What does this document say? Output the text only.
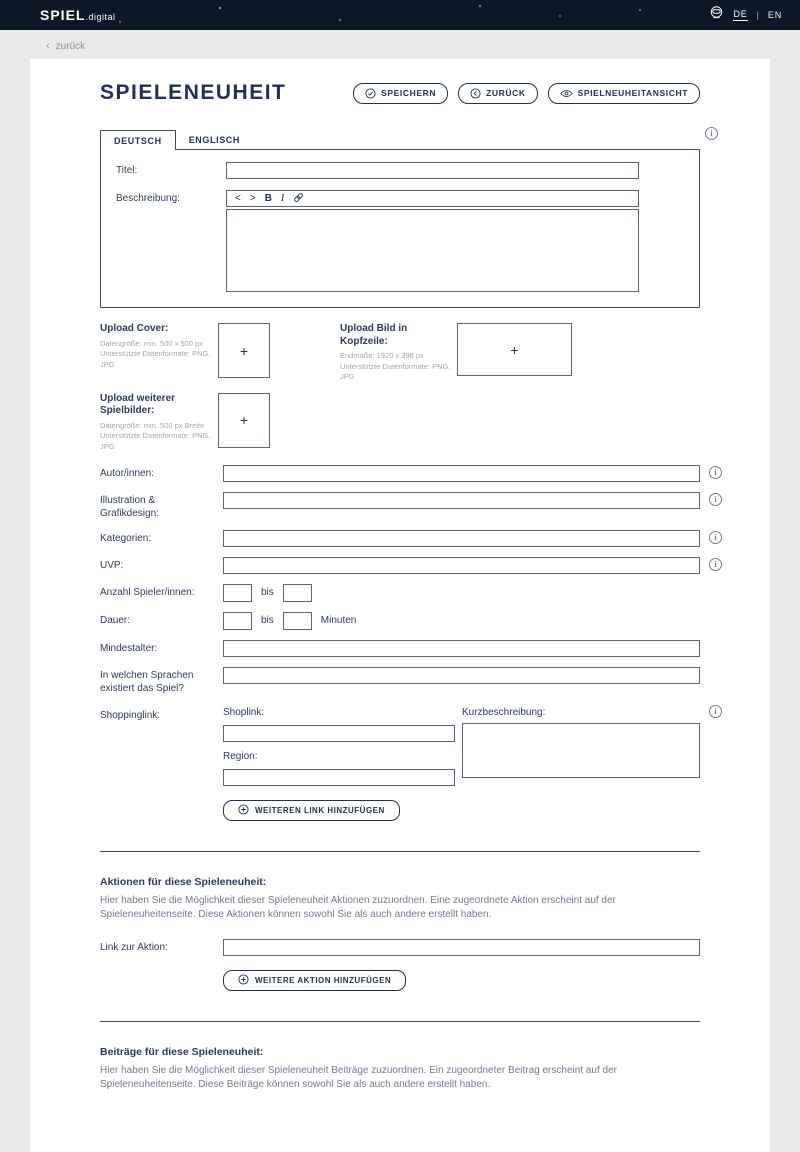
SPIEL .digital	DE | EN
‹ zurück
SPIELENEUHEIT	SPEICHERN	ZURÜCK	SPIELNEUHEITANSICHT
i
DEUTSCH	ENGLISCH
Titel:
Beschreibung:	< > B I
Upload Cover:
Datengröße: min. 500 x 500 px
Unterstützte Datenformate: PNG, JPG
+
Upload Bild in Kopfzeile:
Endmaße: 1920 x 396 px
Unterstützte Datenformate: PNG, JPG
+
Upload weiterer Spielbilder:
Datengröße: min. 500 px Breite
Unterstützte Datenformate: PNG, JPG
+
Autor/innen:	i
Illustration & Grafikdesign:
i
Kategorien:	i
UVP:	i
Anzahl Spieler/innen:	bis
Dauer:	bis	Minuten
Mindestalter:
In welchen Sprachen existiert das Spiel?
Shoppinglink:	Shoplink:
Region:
Kurzbeschreibung:	i
WEITEREN LINK HINZUFÜGEN
Aktionen für diese Spieleneuheit:

Hier haben Sie die Möglichkeit dieser Spieleneuheit Aktionen zuzuordnen. Eine zugeordnete Aktion erscheint auf der Spieleneuheitenseite. Diese Aktionen können sowohl Sie als auch andere erstellt haben.

Link zur Aktion:
WEITERE AKTION HINZUFÜGEN
Beiträge für diese Spieleneuheit:

Hier haben Sie die Möglichkeit dieser Spieleneuheit Beiträge zuzuordnen. Ein zugeordneter Beitrag erscheint auf der Spieleneuheitenseite. Diese Beiträge können sowohl Sie als auch andere erstellt haben.
